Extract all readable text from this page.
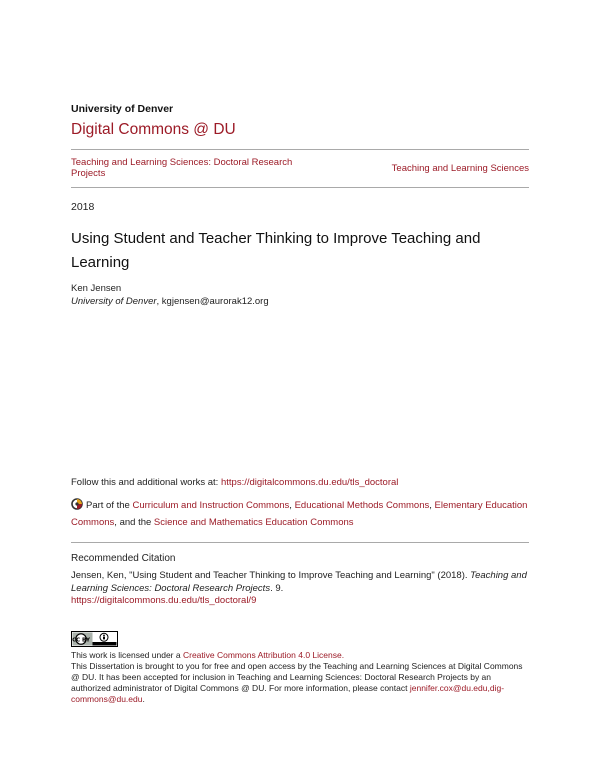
University of Denver
Digital Commons @ DU
Teaching and Learning Sciences: Doctoral Research Projects	Teaching and Learning Sciences
2018
Using Student and Teacher Thinking to Improve Teaching and Learning
Ken Jensen
University of Denver, kgjensen@aurorak12.org
Follow this and additional works at: https://digitalcommons.du.edu/tls_doctoral
Part of the Curriculum and Instruction Commons, Educational Methods Commons, Elementary Education Commons, and the Science and Mathematics Education Commons
Recommended Citation
Jensen, Ken, "Using Student and Teacher Thinking to Improve Teaching and Learning" (2018). Teaching and Learning Sciences: Doctoral Research Projects. 9.
https://digitalcommons.du.edu/tls_doctoral/9
CC BY
This work is licensed under a Creative Commons Attribution 4.0 License.
This Dissertation is brought to you for free and open access by the Teaching and Learning Sciences at Digital Commons @ DU. It has been accepted for inclusion in Teaching and Learning Sciences: Doctoral Research Projects by an authorized administrator of Digital Commons @ DU. For more information, please contact jennifer.cox@du.edu,dig-commons@du.edu.
